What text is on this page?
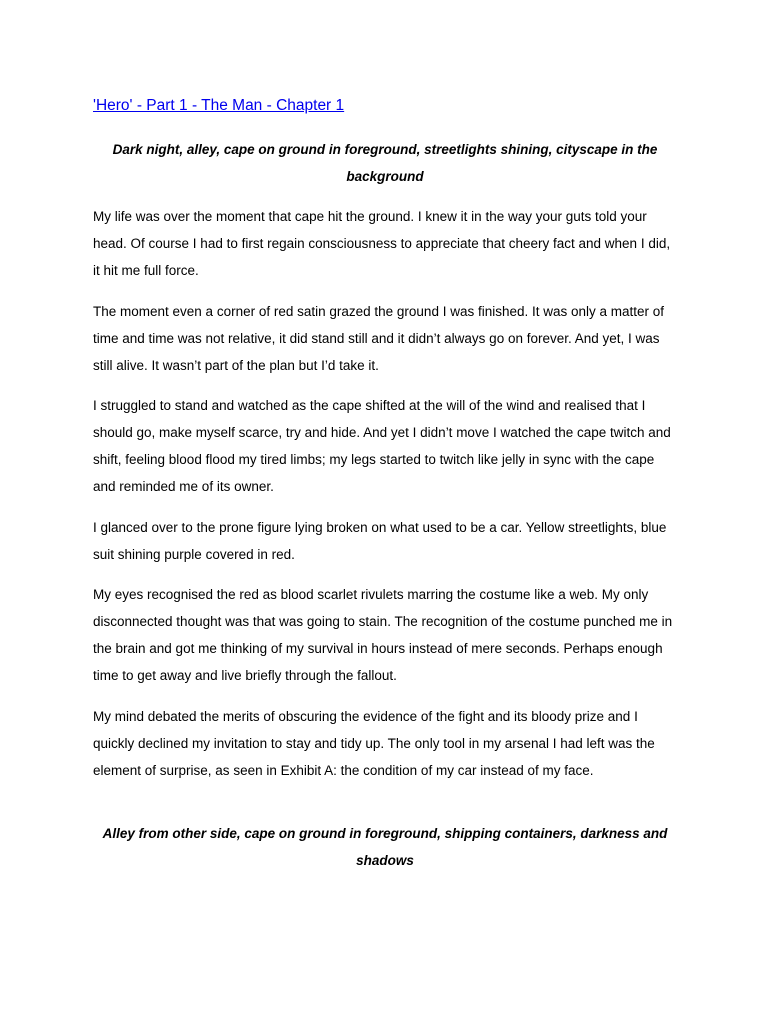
'Hero' - Part 1 - The Man - Chapter 1
Dark night, alley, cape on ground in foreground, streetlights shining, cityscape in the background

My life was over the moment that cape hit the ground. I knew it in the way your guts told your head. Of course I had to first regain consciousness to appreciate that cheery fact and when I did, it hit me full force.

The moment even a corner of red satin grazed the ground I was finished. It was only a matter of time and time was not relative, it did stand still and it didn’t always go on forever. And yet, I was still alive. It wasn’t part of the plan but I’d take it.

I struggled to stand and watched as the cape shifted at the will of the wind and realised that I should go, make myself scarce, try and hide. And yet I didn’t move I watched the cape twitch and shift, feeling blood flood my tired limbs; my legs started to twitch like jelly in sync with the cape and reminded me of its owner.

I glanced over to the prone figure lying broken on what used to be a car. Yellow streetlights, blue suit shining purple covered in red.

My eyes recognised the red as blood scarlet rivulets marring the costume like a web. My only disconnected thought was that was going to stain. The recognition of the costume punched me in the brain and got me thinking of my survival in hours instead of mere seconds. Perhaps enough time to get away and live briefly through the fallout.

My mind debated the merits of obscuring the evidence of the fight and its bloody prize and I quickly declined my invitation to stay and tidy up. The only tool in my arsenal I had left was the element of surprise, as seen in Exhibit A: the condition of my car instead of my face.

Alley from other side, cape on ground in foreground, shipping containers, darkness and shadows
